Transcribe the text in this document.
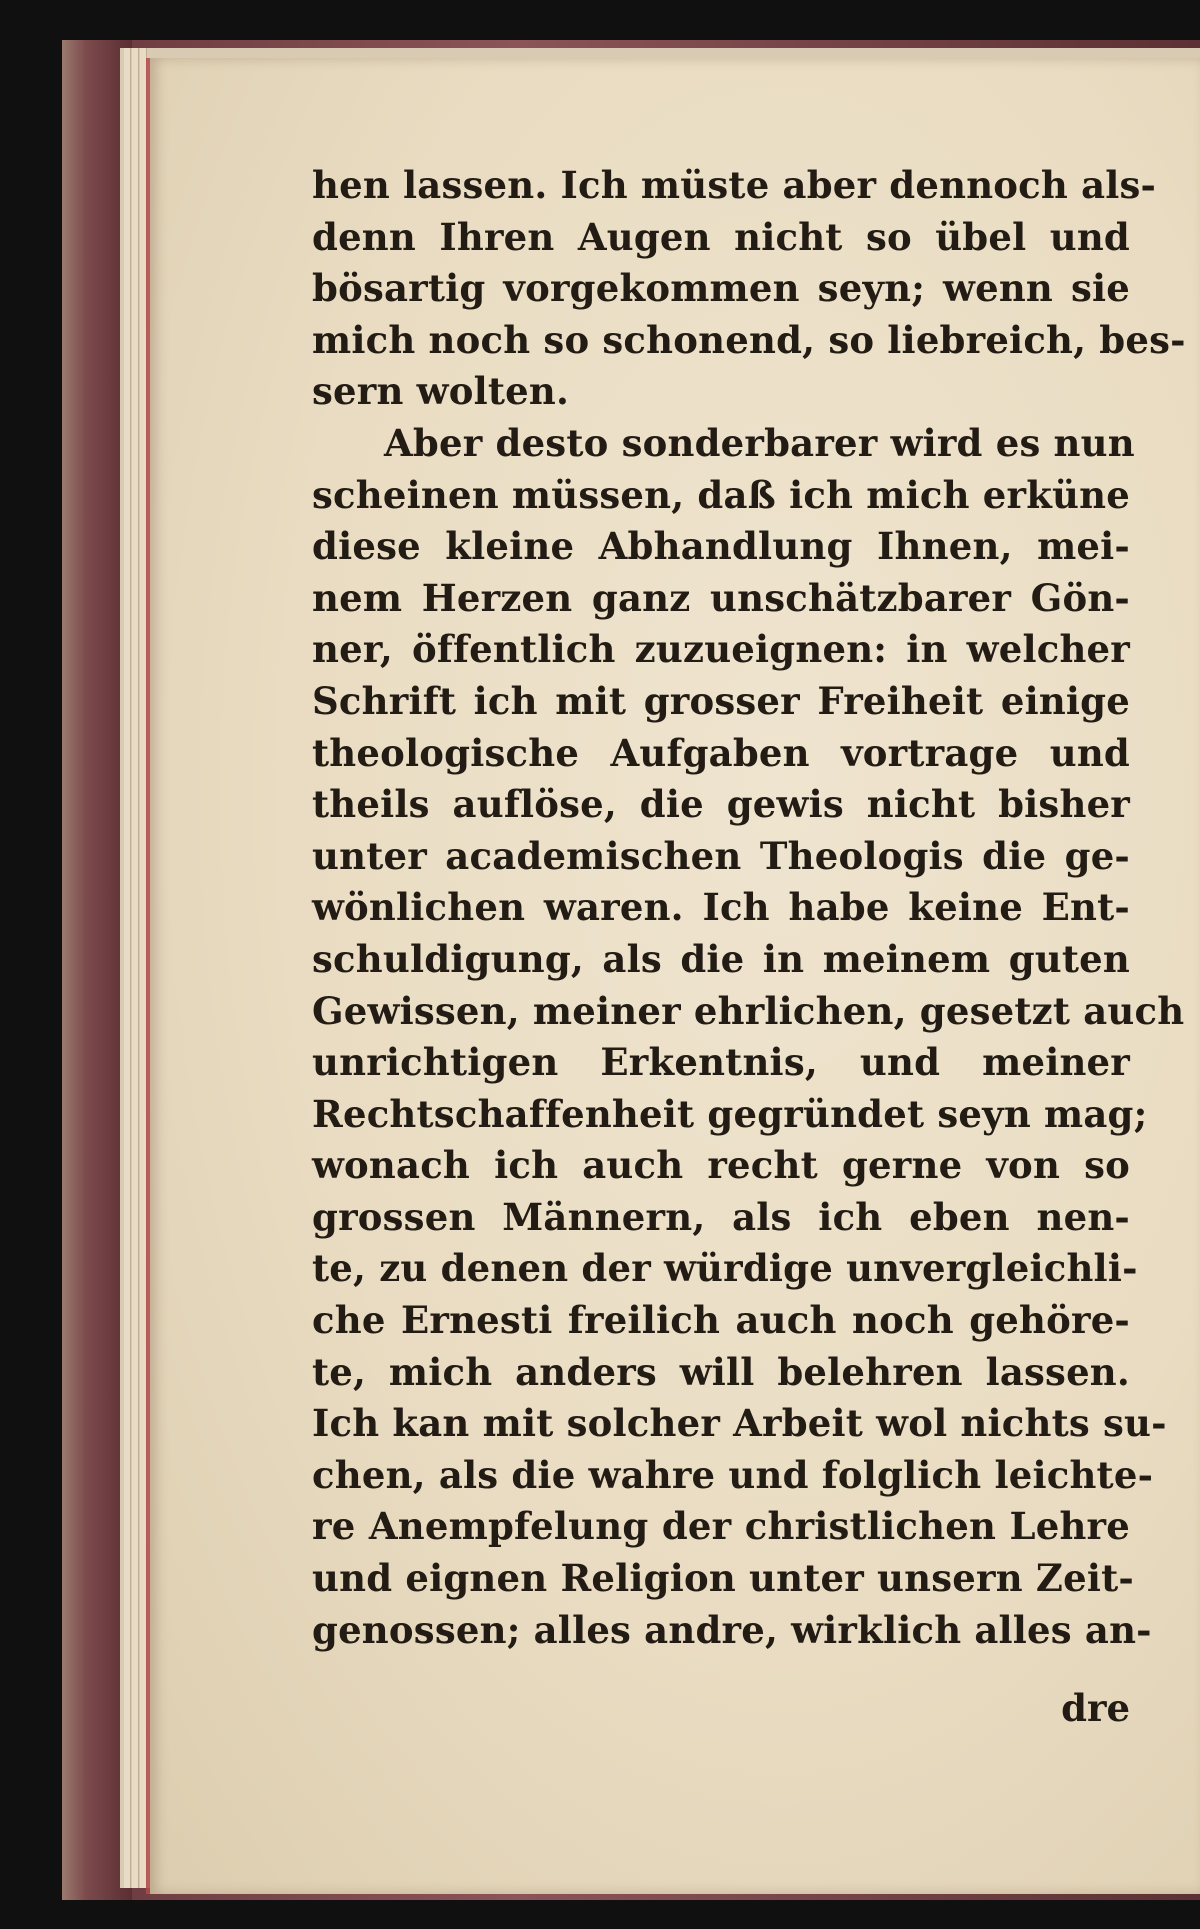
hen lassen. Ich müste aber dennoch als-
denn Ihren Augen nicht so übel und
bösartig vorgekommen seyn; wenn sie
mich noch so schonend, so liebreich, bes-
sern wolten.
Aber desto sonderbarer wird es nun
scheinen müssen, daß ich mich erküne
diese kleine Abhandlung Ihnen, mei-
nem Herzen ganz unschätzbarer Gön-
ner, öffentlich zuzueignen: in welcher
Schrift ich mit grosser Freiheit einige
theologische Aufgaben vortrage und
theils auflöse, die gewis nicht bisher
unter academischen Theologis die ge-
wönlichen waren. Ich habe keine Ent-
schuldigung, als die in meinem guten
Gewissen, meiner ehrlichen, gesetzt auch
unrichtigen Erkentnis, und meiner
Rechtschaffenheit gegründet seyn mag;
wonach ich auch recht gerne von so
grossen Männern, als ich eben nen-
te, zu denen der würdige unvergleichli-
che Ernesti freilich auch noch gehöre-
te, mich anders will belehren lassen.
Ich kan mit solcher Arbeit wol nichts su-
chen, als die wahre und folglich leichte-
re Anempfelung der christlichen Lehre
und eignen Religion unter unsern Zeit-
genossen; alles andre, wirklich alles an-
dre
